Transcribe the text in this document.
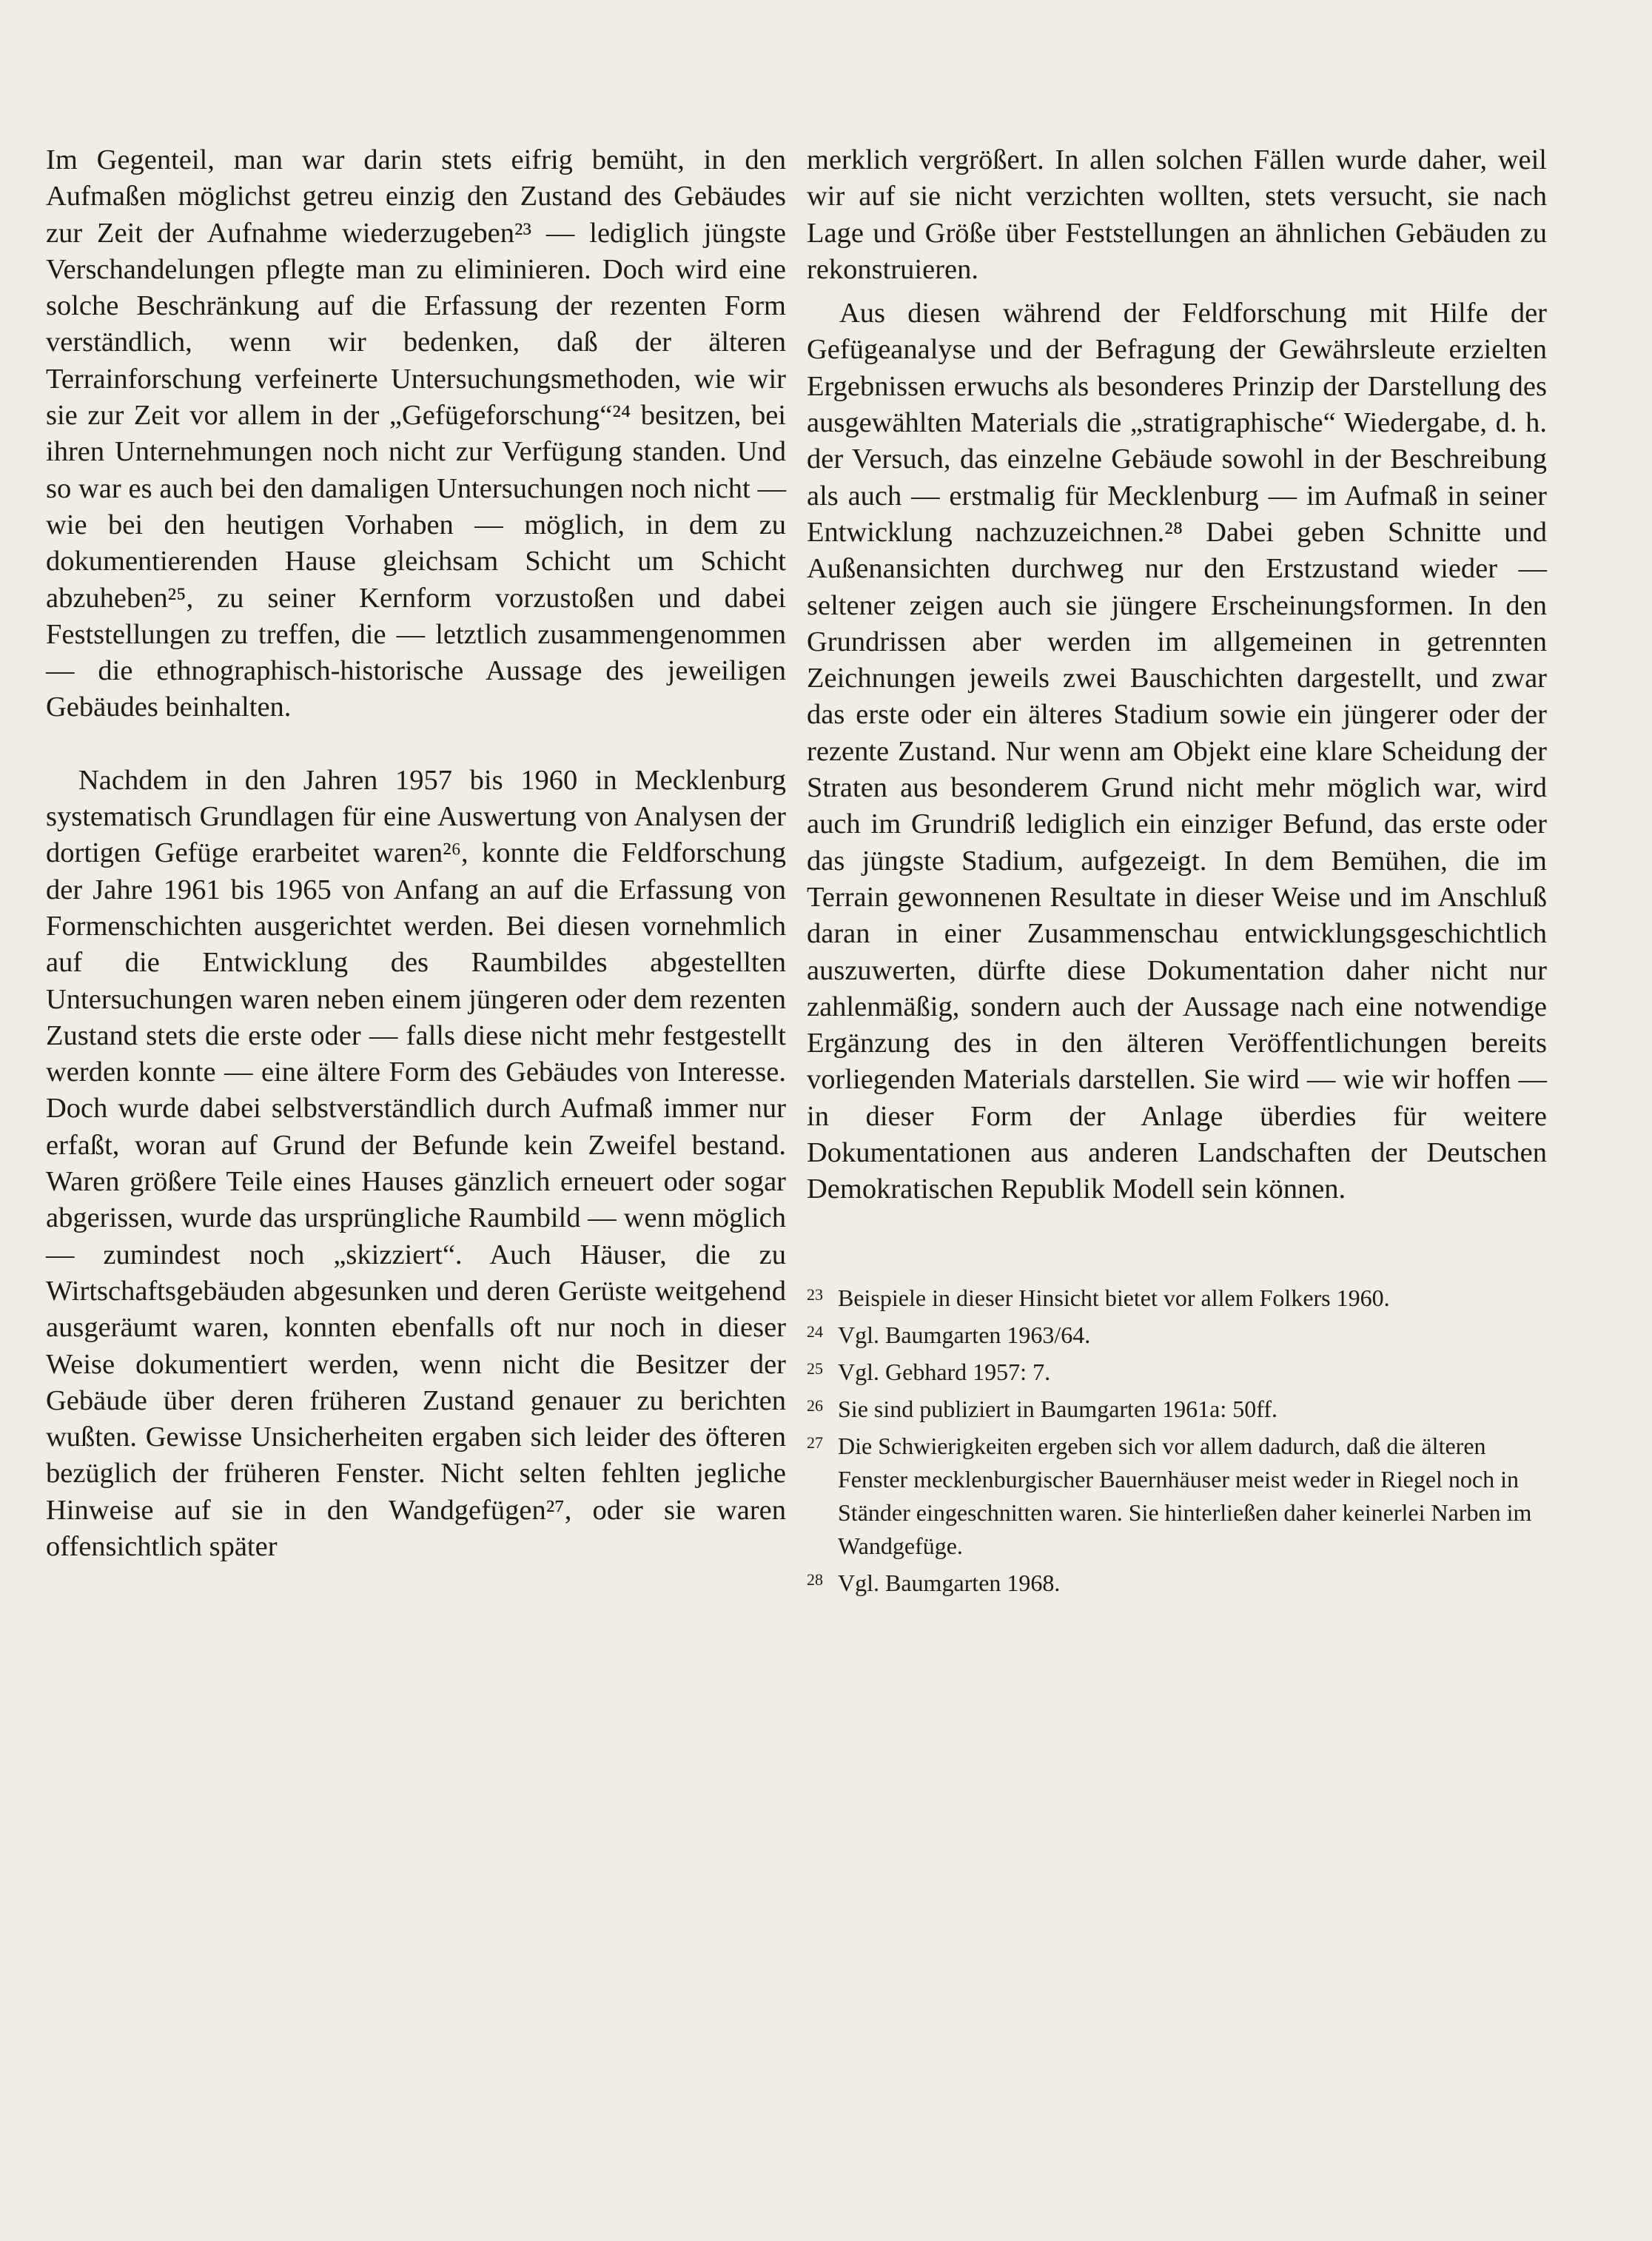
Im Gegenteil, man war darin stets eifrig bemüht, in den Aufmaßen möglichst getreu einzig den Zustand des Gebäudes zur Zeit der Aufnahme wiederzugeben²³ — lediglich jüngste Verschandelungen pflegte man zu eliminieren. Doch wird eine solche Beschränkung auf die Erfassung der rezenten Form verständlich, wenn wir bedenken, daß der älteren Terrainforschung verfeinerte Untersuchungsmethoden, wie wir sie zur Zeit vor allem in der „Gefügeforschung“²⁴ besitzen, bei ihren Unternehmungen noch nicht zur Verfügung standen. Und so war es auch bei den damaligen Untersuchungen noch nicht — wie bei den heutigen Vorhaben — möglich, in dem zu dokumentierenden Hause gleichsam Schicht um Schicht abzuheben²⁵, zu seiner Kernform vorzustoßen und dabei Feststellungen zu treffen, die — letztlich zusammengenommen — die ethnographisch-historische Aussage des jeweiligen Gebäudes beinhalten.

Nachdem in den Jahren 1957 bis 1960 in Mecklenburg systematisch Grundlagen für eine Auswertung von Analysen der dortigen Gefüge erarbeitet waren²⁶, konnte die Feldforschung der Jahre 1961 bis 1965 von Anfang an auf die Erfassung von Formenschichten ausgerichtet werden. Bei diesen vornehmlich auf die Entwicklung des Raumbildes abgestellten Untersuchungen waren neben einem jüngeren oder dem rezenten Zustand stets die erste oder — falls diese nicht mehr festgestellt werden konnte — eine ältere Form des Gebäudes von Interesse. Doch wurde dabei selbstverständlich durch Aufmaß immer nur erfaßt, woran auf Grund der Befunde kein Zweifel bestand. Waren größere Teile eines Hauses gänzlich erneuert oder sogar abgerissen, wurde das ursprüngliche Raumbild — wenn möglich — zumindest noch „skizziert“. Auch Häuser, die zu Wirtschaftsgebäuden abgesunken und deren Gerüste weitgehend ausgeräumt waren, konnten ebenfalls oft nur noch in dieser Weise dokumentiert werden, wenn nicht die Besitzer der Gebäude über deren früheren Zustand genauer zu berichten wußten. Gewisse Unsicherheiten ergaben sich leider des öfteren bezüglich der früheren Fenster. Nicht selten fehlten jegliche Hinweise auf sie in den Wandgefügen²⁷, oder sie waren offensichtlich später

merklich vergrößert. In allen solchen Fällen wurde daher, weil wir auf sie nicht verzichten wollten, stets versucht, sie nach Lage und Größe über Feststellungen an ähnlichen Gebäuden zu rekonstruieren.

Aus diesen während der Feldforschung mit Hilfe der Gefügeanalyse und der Befragung der Gewährsleute erzielten Ergebnissen erwuchs als besonderes Prinzip der Darstellung des ausgewählten Materials die „stratigraphische“ Wiedergabe, d. h. der Versuch, das einzelne Gebäude sowohl in der Beschreibung als auch — erstmalig für Mecklenburg — im Aufmaß in seiner Entwicklung nachzuzeichnen.²⁸ Dabei geben Schnitte und Außenansichten durchweg nur den Erstzustand wieder — seltener zeigen auch sie jüngere Erscheinungsformen. In den Grundrissen aber werden im allgemeinen in getrennten Zeichnungen jeweils zwei Bauschichten dargestellt, und zwar das erste oder ein älteres Stadium sowie ein jüngerer oder der rezente Zustand. Nur wenn am Objekt eine klare Scheidung der Straten aus besonderem Grund nicht mehr möglich war, wird auch im Grundriß lediglich ein einziger Befund, das erste oder das jüngste Stadium, aufgezeigt. In dem Bemühen, die im Terrain gewonnenen Resultate in dieser Weise und im Anschluß daran in einer Zusammenschau entwicklungsgeschichtlich auszuwerten, dürfte diese Dokumentation daher nicht nur zahlenmäßig, sondern auch der Aussage nach eine notwendige Ergänzung des in den älteren Veröffentlichungen bereits vorliegenden Materials darstellen. Sie wird — wie wir hoffen — in dieser Form der Anlage überdies für weitere Dokumentationen aus anderen Landschaften der Deutschen Demokratischen Republik Modell sein können.

23 Beispiele in dieser Hinsicht bietet vor allem Folkers 1960.

24 Vgl. Baumgarten 1963/64.

25 Vgl. Gebhard 1957: 7.

26 Sie sind publiziert in Baumgarten 1961a: 50ff.

27 Die Schwierigkeiten ergeben sich vor allem dadurch, daß die älteren Fenster mecklenburgischer Bauernhäuser meist weder in Riegel noch in Ständer eingeschnitten waren. Sie hinterließen daher keinerlei Narben im Wandgefüge.

28 Vgl. Baumgarten 1968.
